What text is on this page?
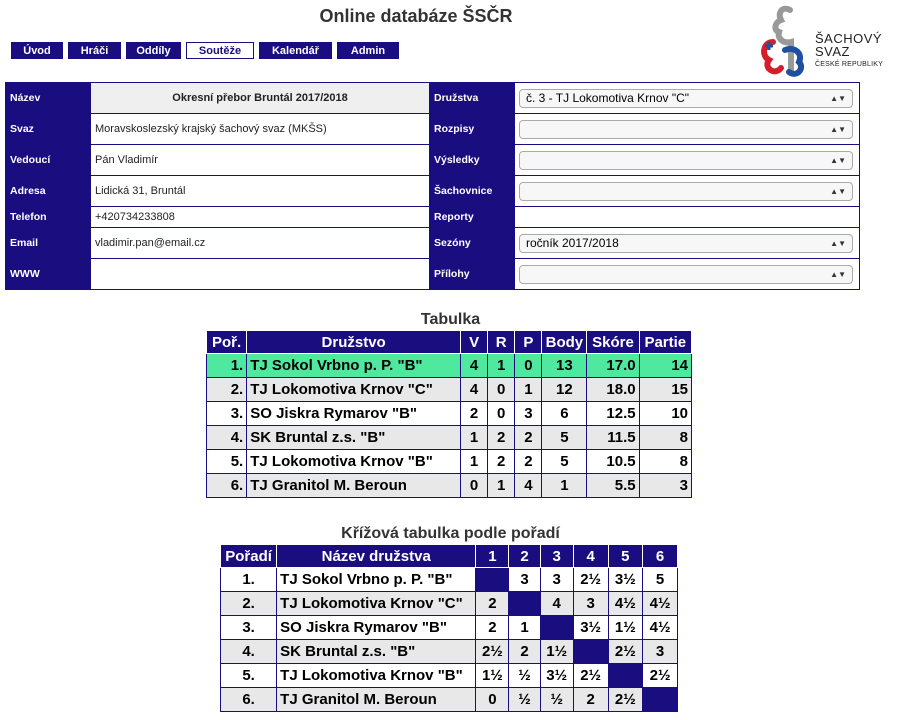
Online databáze ŠSČR
Úvod	Hráči	Oddíly	Soutěže	Kalendář	Admin
ŠACHOVÝ
SVAZ
ČESKÉ REPUBLIKY
Název	Okresní přebor Bruntál 2017/2018	Družstva	č. 3 - TJ Lokomotiva Krnov "C" ▲▼

Svaz	Moravskoslezský krajský šachový svaz (MKŠS)	Rozpisy	▲▼

Vedoucí	Pán Vladimír	Výsledky	▲▼

Adresa	Lidická 31, Bruntál	Šachovnice	▲▼

Telefon	+420734233808	Reporty	
Email	vladimir.pan@email.cz	Sezóny	ročník 2017/2018 ▲▼

WWW		Přílohy	▲▼
Tabulka
Poř.	Družstvo	V	R	P	Body	Skóre	Partie
1.	TJ Sokol Vrbno p. P. "B"	4	1	0	13	17.0	14
2.	TJ Lokomotiva Krnov "C"	4	0	1	12	18.0	15
3.	SO Jiskra Rymarov "B"	2	0	3	6	12.5	10
4.	SK Bruntal z.s. "B"	1	2	2	5	11.5	8
5.	TJ Lokomotiva Krnov "B"	1	2	2	5	10.5	8
6.	TJ Granitol M. Beroun	0	1	4	1	5.5	3
Křížová tabulka podle pořadí
Pořadí	Název družstva	1	2	3	4	5	6
1.	TJ Sokol Vrbno p. P. "B"		3	3	2½	3½	5
2.	TJ Lokomotiva Krnov "C"	2		4	3	4½	4½
3.	SO Jiskra Rymarov "B"	2	1		3½	1½	4½
4.	SK Bruntal z.s. "B"	2½	2	1½		2½	3
5.	TJ Lokomotiva Krnov "B"	1½	½	3½	2½		2½
6.	TJ Granitol M. Beroun	0	½	½	2	2½	
